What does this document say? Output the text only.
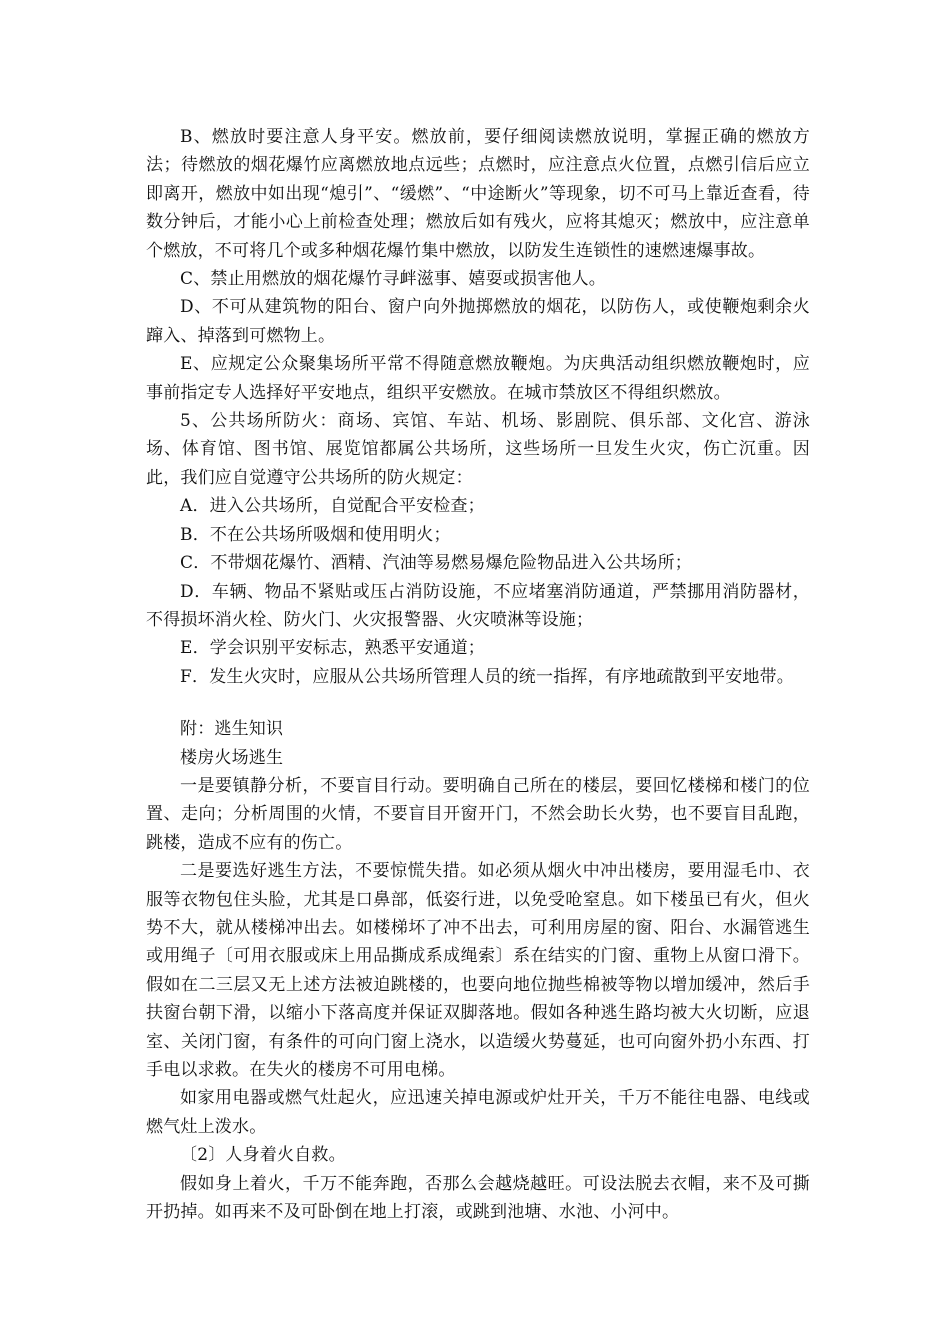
B、燃放时要注意人身平安。燃放前，要仔细阅读燃放说明，掌握正确的燃放方法；待燃放的烟花爆竹应离燃放地点远些；点燃时，应注意点火位置，点燃引信后应立即离开，燃放中如出现“熄引”、“缓燃”、“中途断火”等现象，切不可马上靠近查看，待数分钟后，才能小心上前检查处理；燃放后如有残火，应将其熄灭；燃放中，应注意单个燃放，不可将几个或多种烟花爆竹集中燃放，以防发生连锁性的速燃速爆事故。

C、禁止用燃放的烟花爆竹寻衅滋事、嬉耍或损害他人。

D、不可从建筑物的阳台、窗户向外抛掷燃放的烟花，以防伤人，或使鞭炮剩余火蹿入、掉落到可燃物上。

E、应规定公众聚集场所平常不得随意燃放鞭炮。为庆典活动组织燃放鞭炮时，应事前指定专人选择好平安地点，组织平安燃放。在城市禁放区不得组织燃放。

5、公共场所防火：商场、宾馆、车站、机场、影剧院、俱乐部、文化宫、游泳场、体育馆、图书馆、展览馆都属公共场所，这些场所一旦发生火灾，伤亡沉重。因此，我们应自觉遵守公共场所的防火规定：

A．进入公共场所，自觉配合平安检查；

B．不在公共场所吸烟和使用明火；

C．不带烟花爆竹、酒精、汽油等易燃易爆危险物品进入公共场所；

D．车辆、物品不紧贴或压占消防设施，不应堵塞消防通道，严禁挪用消防器材，不得损坏消火栓、防火门、火灾报警器、火灾喷淋等设施；

E．学会识别平安标志，熟悉平安通道；

F．发生火灾时，应服从公共场所管理人员的统一指挥，有序地疏散到平安地带。

附：逃生知识

楼房火场逃生

一是要镇静分析，不要盲目行动。要明确自己所在的楼层，要回忆楼梯和楼门的位置、走向；分析周围的火情，不要盲目开窗开门，不然会助长火势，也不要盲目乱跑，跳楼，造成不应有的伤亡。

二是要选好逃生方法，不要惊慌失措。如必须从烟火中冲出楼房，要用湿毛巾、衣服等衣物包住头脸，尤其是口鼻部，低姿行进，以免受呛窒息。如下楼虽已有火，但火势不大，就从楼梯冲出去。如楼梯坏了冲不出去，可利用房屋的窗、阳台、水漏管逃生或用绳子〔可用衣服或床上用品撕成系成绳索〕系在结实的门窗、重物上从窗口滑下。假如在二三层又无上述方法被迫跳楼的，也要向地位抛些棉被等物以增加缓冲，然后手扶窗台朝下滑，以缩小下落高度并保证双脚落地。假如各种逃生路均被大火切断，应退室、关闭门窗，有条件的可向门窗上浇水，以造缓火势蔓延，也可向窗外扔小东西、打手电以求救。在失火的楼房不可用电梯。

如家用电器或燃气灶起火，应迅速关掉电源或炉灶开关，千万不能往电器、电线或燃气灶上泼水。

〔2〕人身着火自救。

假如身上着火，千万不能奔跑，否那么会越烧越旺。可设法脱去衣帽，来不及可撕开扔掉。如再来不及可卧倒在地上打滚，或跳到池塘、水池、小河中。
